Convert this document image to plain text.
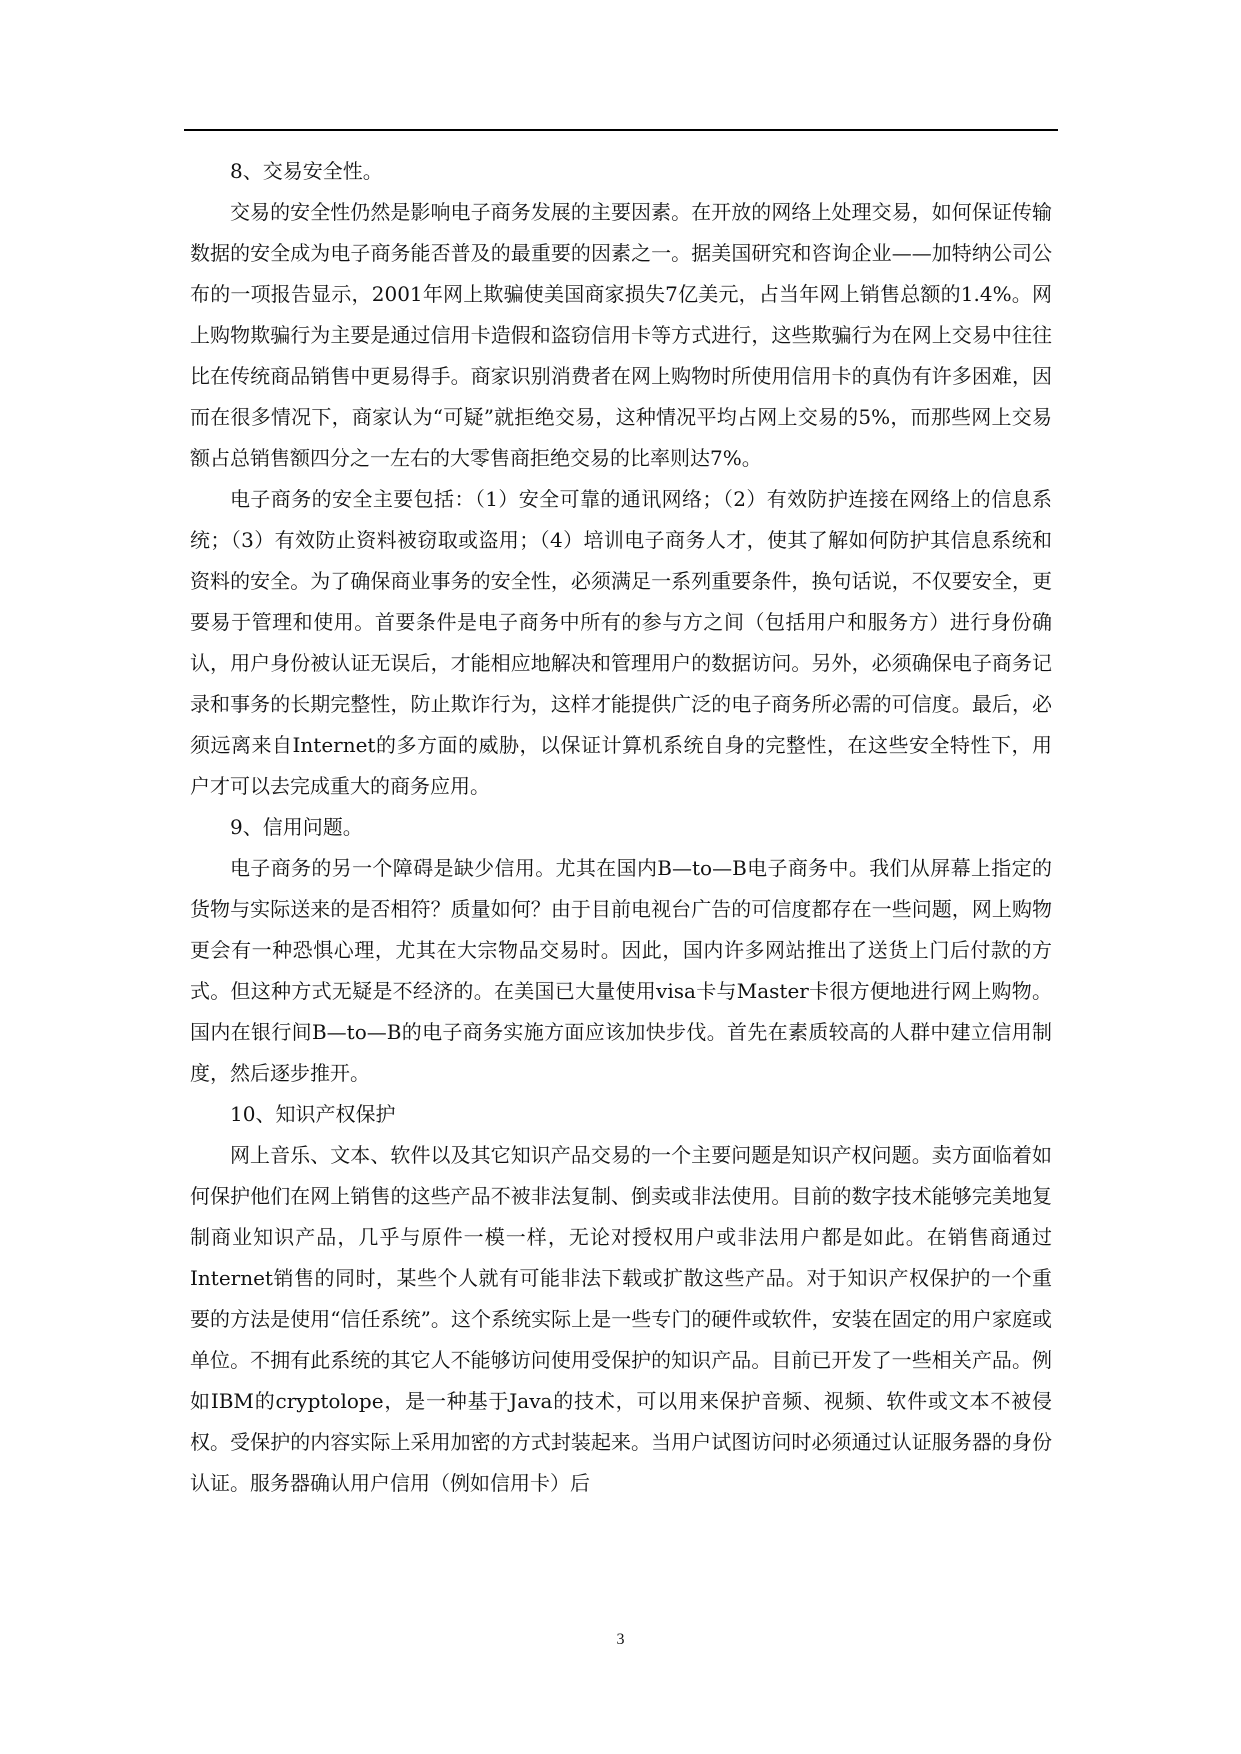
8、交易安全性。

交易的安全性仍然是影响电子商务发展的主要因素。在开放的网络上处理交易，如何保证传输数据的安全成为电子商务能否普及的最重要的因素之一。据美国研究和咨询企业——加特纳公司公布的一项报告显示，2001年网上欺骗使美国商家损失7亿美元，占当年网上销售总额的1.4%。网上购物欺骗行为主要是通过信用卡造假和盗窃信用卡等方式进行，这些欺骗行为在网上交易中往往比在传统商品销售中更易得手。商家识别消费者在网上购物时所使用信用卡的真伪有许多困难，因而在很多情况下，商家认为“可疑”就拒绝交易，这种情况平均占网上交易的5%，而那些网上交易额占总销售额四分之一左右的大零售商拒绝交易的比率则达7%。

电子商务的安全主要包括：（1）安全可靠的通讯网络；（2）有效防护连接在网络上的信息系统；（3）有效防止资料被窃取或盗用；（4）培训电子商务人才，使其了解如何防护其信息系统和资料的安全。为了确保商业事务的安全性，必须满足一系列重要条件，换句话说，不仅要安全，更要易于管理和使用。首要条件是电子商务中所有的参与方之间（包括用户和服务方）进行身份确认，用户身份被认证无误后，才能相应地解决和管理用户的数据访问。另外，必须确保电子商务记录和事务的长期完整性，防止欺诈行为，这样才能提供广泛的电子商务所必需的可信度。最后，必须远离来自Internet的多方面的威胁，以保证计算机系统自身的完整性，在这些安全特性下，用户才可以去完成重大的商务应用。

9、信用问题。

电子商务的另一个障碍是缺少信用。尤其在国内B—to—B电子商务中。我们从屏幕上指定的货物与实际送来的是否相符？质量如何？由于目前电视台广告的可信度都存在一些问题，网上购物更会有一种恐惧心理，尤其在大宗物品交易时。因此，国内许多网站推出了送货上门后付款的方式。但这种方式无疑是不经济的。在美国已大量使用visa卡与Master卡很方便地进行网上购物。国内在银行间B—to—B的电子商务实施方面应该加快步伐。首先在素质较高的人群中建立信用制度，然后逐步推开。

10、知识产权保护

网上音乐、文本、软件以及其它知识产品交易的一个主要问题是知识产权问题。卖方面临着如何保护他们在网上销售的这些产品不被非法复制、倒卖或非法使用。目前的数字技术能够完美地复制商业知识产品，几乎与原件一模一样，无论对授权用户或非法用户都是如此。在销售商通过Internet销售的同时，某些个人就有可能非法下载或扩散这些产品。对于知识产权保护的一个重要的方法是使用“信任系统”。这个系统实际上是一些专门的硬件或软件，安装在固定的用户家庭或单位。不拥有此系统的其它人不能够访问使用受保护的知识产品。目前已开发了一些相关产品。例如IBM的cryptolope，是一种基于Java的技术，可以用来保护音频、视频、软件或文本不被侵权。受保护的内容实际上采用加密的方式封装起来。当用户试图访问时必须通过认证服务器的身份认证。服务器确认用户信用（例如信用卡）后

3
